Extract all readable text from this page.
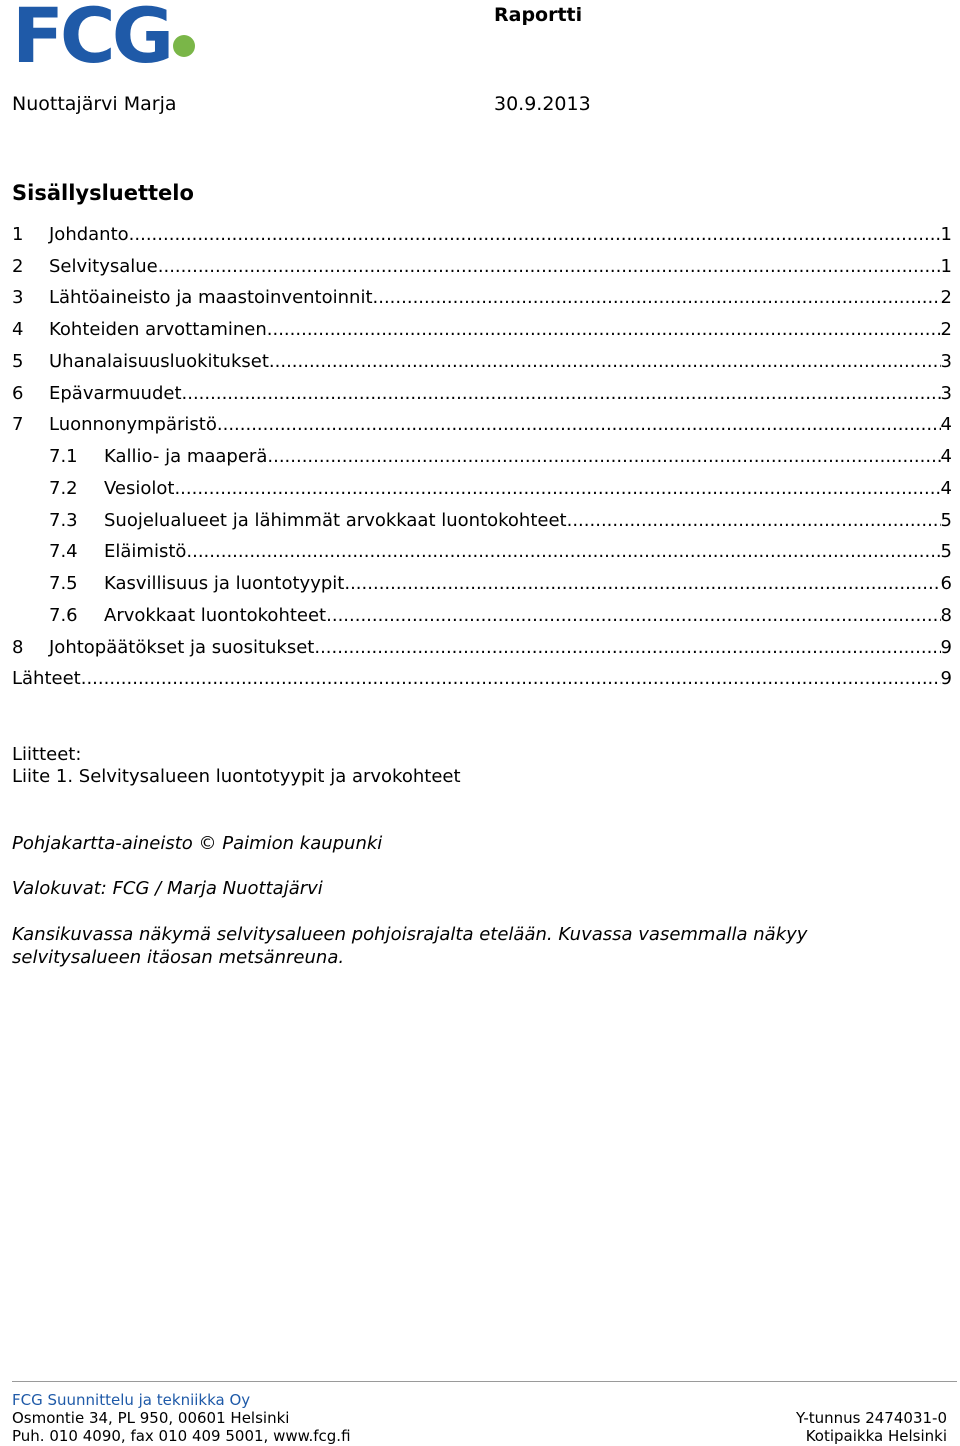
FCG	Raportti
Nuottajärvi Marja	30.9.2013
Sisällysluettelo
1	Johdanto .....	1
2	Selvitysalue .....	1
3	Lähtöaineisto ja maastoinventoinnit .....	2
4	Kohteiden arvottaminen .....	2
5	Uhanalaisuusluokitukset .....	3
6	Epävarmuudet .....	3
7	Luonnonympäristö .....	4
7.1	Kallio- ja maaperä .....	4
7.2	Vesiolot .....	4
7.3	Suojelualueet ja lähimmät arvokkaat luontokohteet .....	5
7.4	Eläimistö .....	5
7.5	Kasvillisuus ja luontotyypit .....	6
7.6	Arvokkaat luontokohteet .....	8
8	Johtopäätökset ja suositukset .....	9
Lähteet .....	9
Liitteet:
Liite 1. Selvitysalueen luontotyypit ja arvokohteet
Pohjakartta-aineisto © Paimion kaupunki
Valokuvat: FCG / Marja Nuottajärvi
Kansikuvassa näkymä selvitysalueen pohjoisrajalta etelään. Kuvassa vasemmalla näkyy selvitysalueen itäosan metsänreuna.
FCG Suunnittelu ja tekniikka Oy
Osmontie 34, PL 950, 00601 Helsinki
Puh. 010 4090, fax 010 409 5001, www.fcg.fi
Y-tunnus 2474031-0
Kotipaikka Helsinki
